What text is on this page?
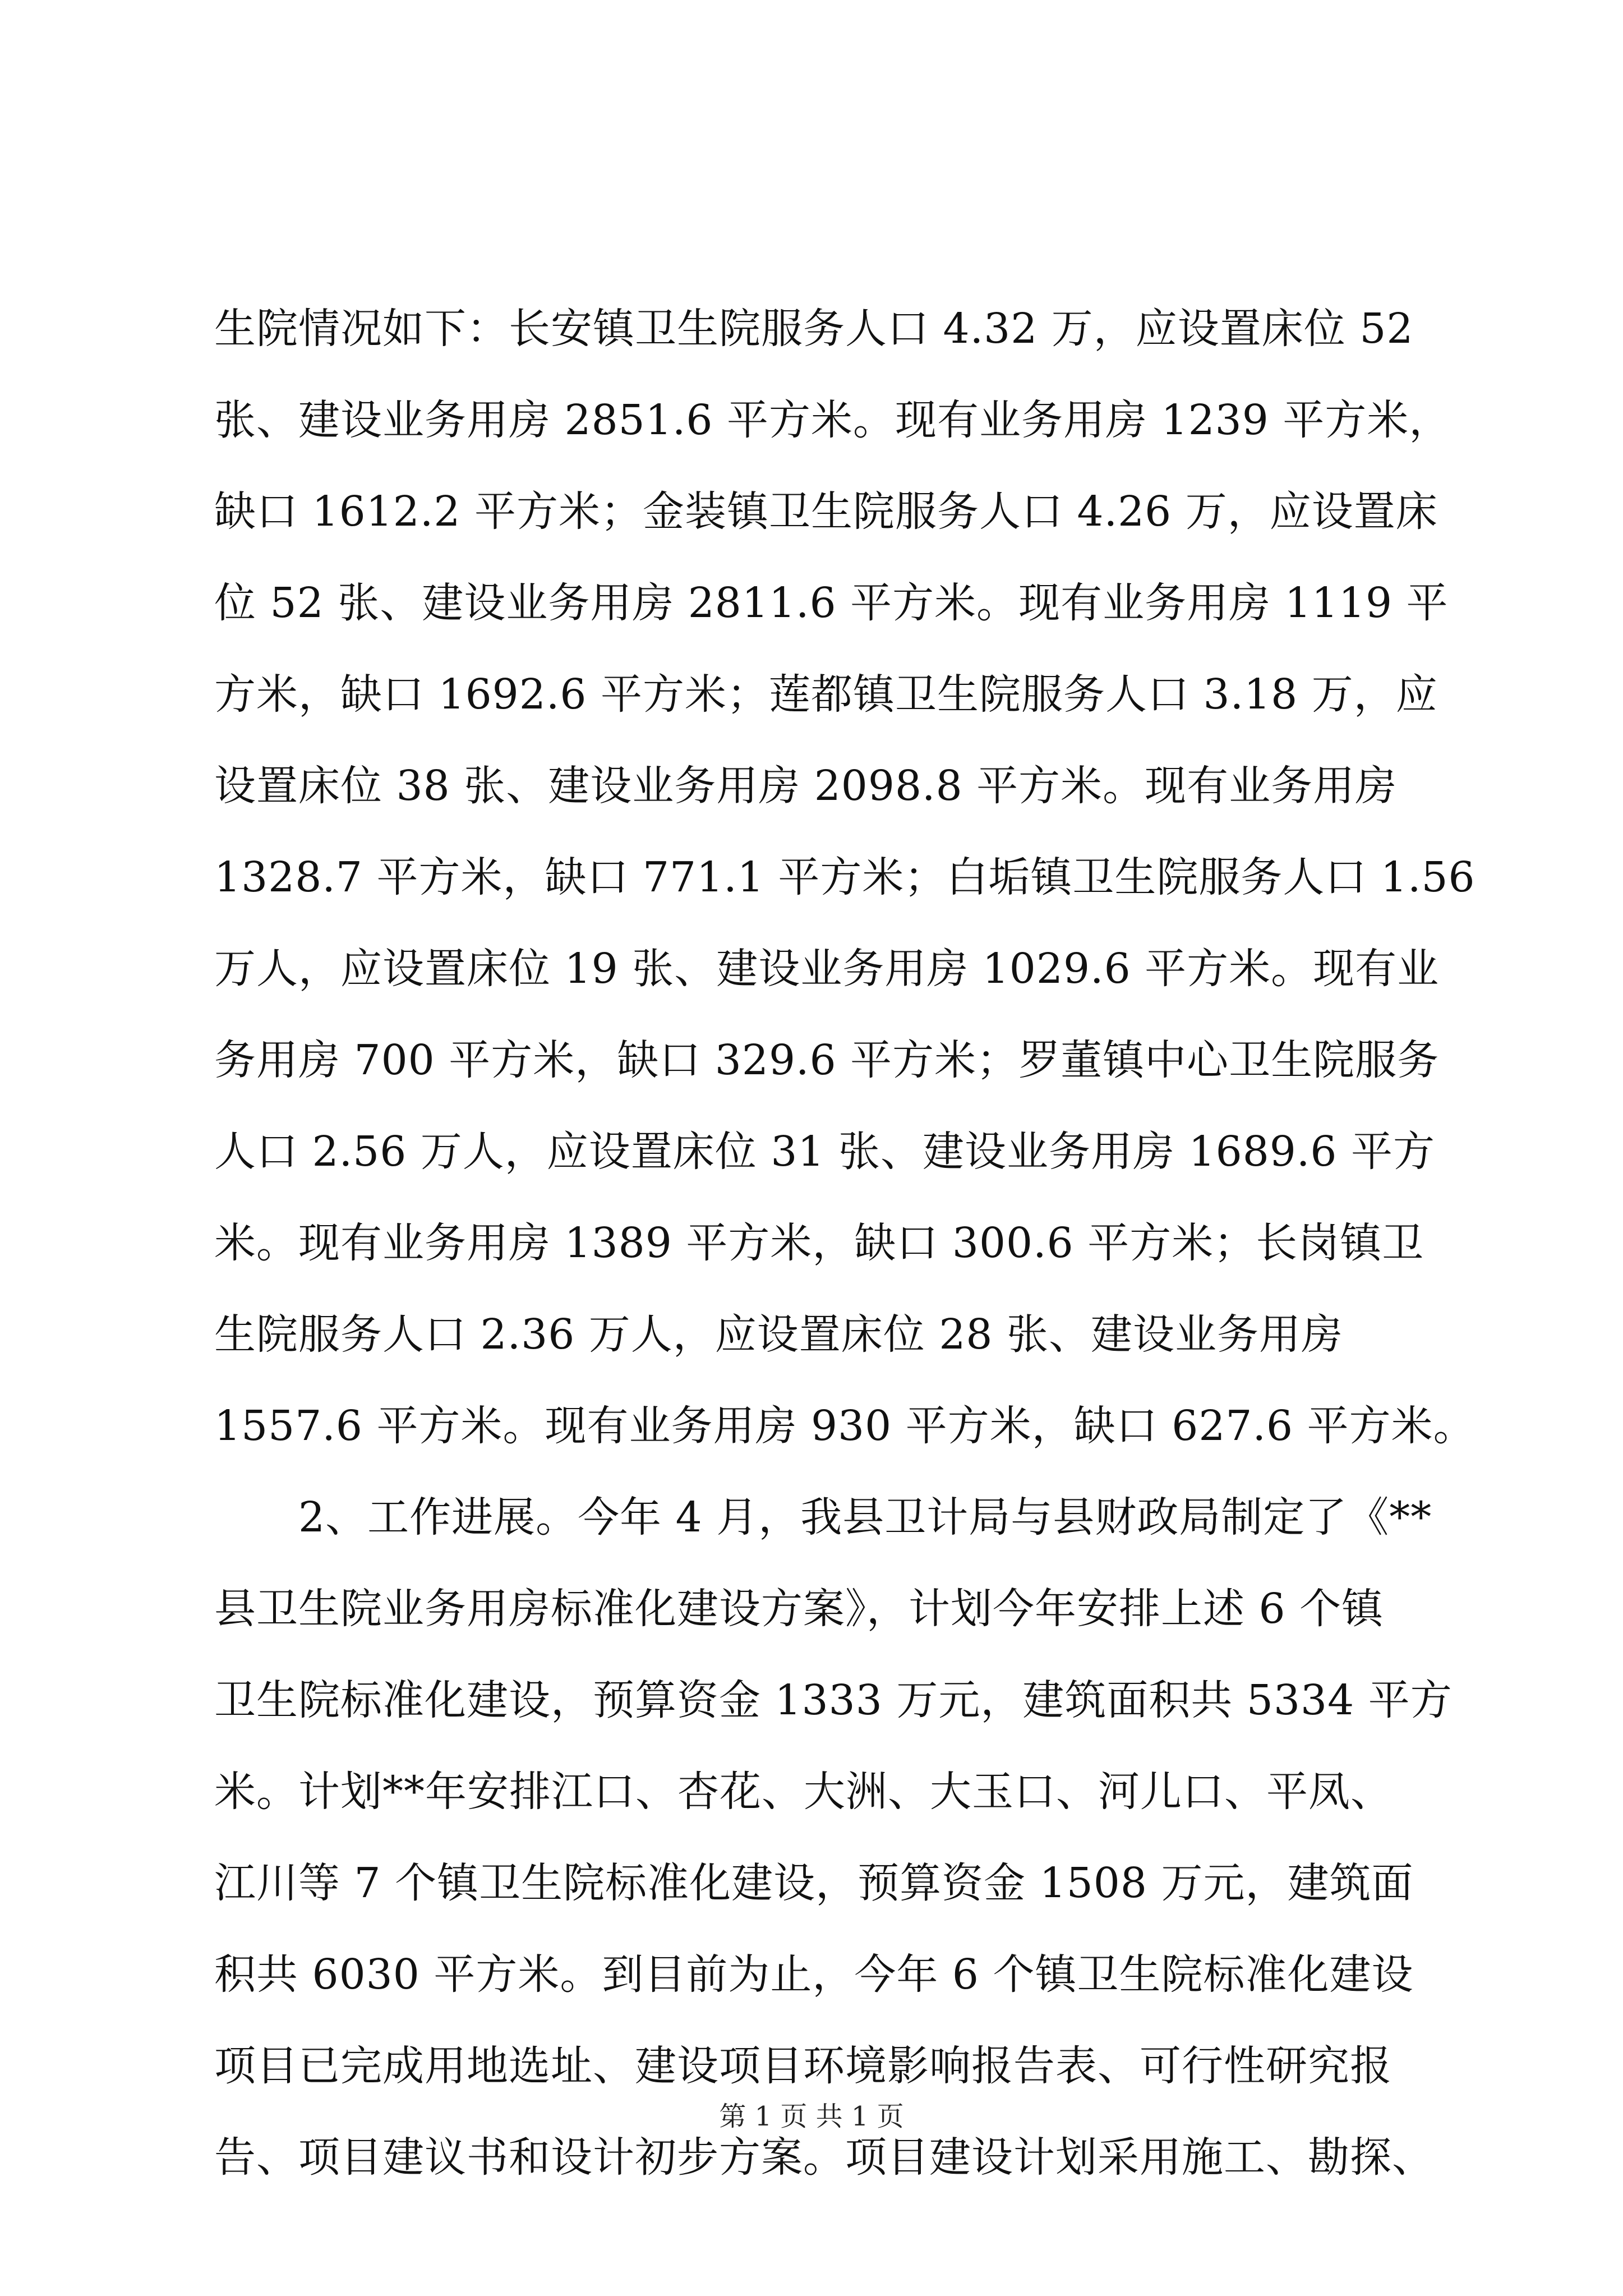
生院情况如下：长安镇卫生院服务人口 4.32 万，应设置床位 52
张、建设业务用房 2851.6 平方米。现有业务用房 1239 平方米，
缺口 1612.2 平方米；金装镇卫生院服务人口 4.26 万，应设置床
位 52 张、建设业务用房 2811.6 平方米。现有业务用房 1119 平
方米，缺口 1692.6 平方米；莲都镇卫生院服务人口 3.18 万，应
设置床位 38 张、建设业务用房 2098.8 平方米。现有业务用房
1328.7 平方米，缺口 771.1 平方米；白垢镇卫生院服务人口 1.56
万人，应设置床位 19 张、建设业务用房 1029.6 平方米。现有业
务用房 700 平方米，缺口 329.6 平方米；罗董镇中心卫生院服务
人口 2.56 万人，应设置床位 31 张、建设业务用房 1689.6 平方
米。现有业务用房 1389 平方米，缺口 300.6 平方米；长岗镇卫
生院服务人口 2.36 万人，应设置床位 28 张、建设业务用房
1557.6 平方米。现有业务用房 930 平方米，缺口 627.6 平方米。
　　2、工作进展。今年 4 月，我县卫计局与县财政局制定了《**
县卫生院业务用房标准化建设方案》，计划今年安排上述 6 个镇
卫生院标准化建设，预算资金 1333 万元，建筑面积共 5334 平方
米。计划**年安排江口、杏花、大洲、大玉口、河儿口、平凤、
江川等 7 个镇卫生院标准化建设，预算资金 1508 万元，建筑面
积共 6030 平方米。到目前为止，今年 6 个镇卫生院标准化建设
项目已完成用地选址、建设项目环境影响报告表、可行性研究报
告、项目建议书和设计初步方案。项目建设计划采用施工、勘探、
第 1 页 共 1 页
